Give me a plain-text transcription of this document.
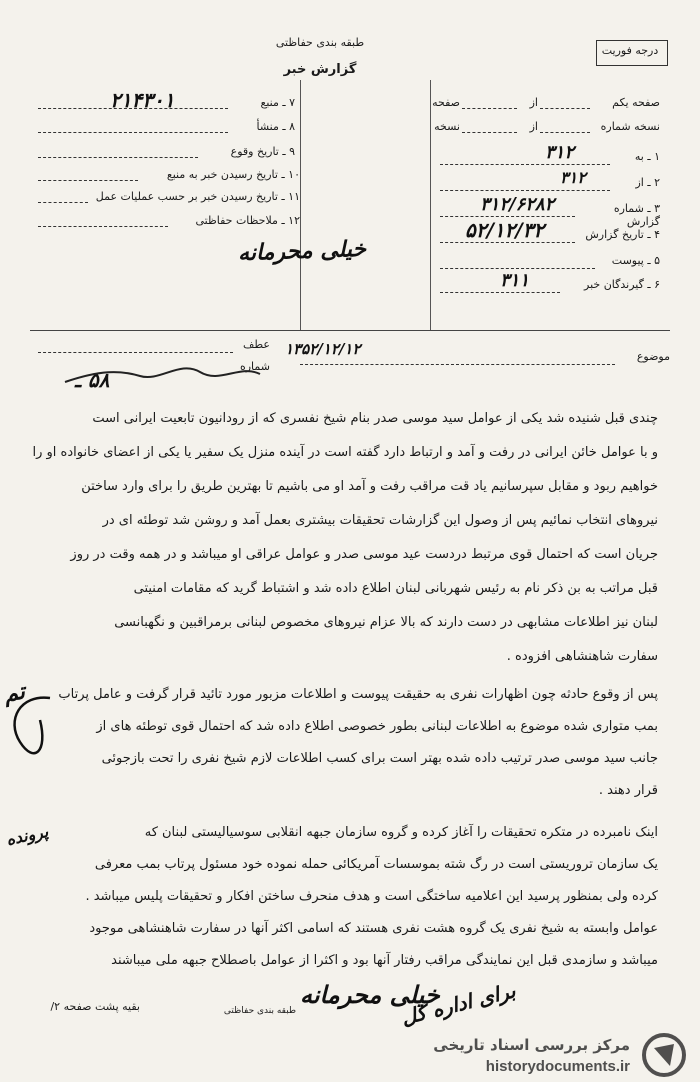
طبقه بندی حفاظتی
گزارش خبر
درجه فوریت
۷ ـ منبع
۲۱۴۳۰۱
۸ ـ منشأ
۹ ـ تاریخ وقوع
۱۰ ـ تاریخ رسیدن خبر به منبع
۱۱ ـ تاریخ رسیدن خبر بر حسب عملیات عمل
۱۲ ـ ملاحظات حفاظتی
صفحه یکم
از
صفحه
نسخه شماره
از
نسخه
۱ ـ به
۳۱۲
۲ ـ از
۳۱۲
۳ ـ شماره گزارش
۳۱۲/۶۲۸۲
۴ ـ تاریخ گزارش
۵۲/۱۲/۳۲
۵ ـ پیوست
۶ ـ گیرندگان خبر
۳۱۱
خیلی محرمانه
عطف
شماره
موضوع
۱۳۵۲/۱۲/۱۲
۵۸ ـ
چندی قبل شنیده شد یکی از عوامل سید موسی صدر بنام شیخ نفسری که از رودانیون تابعیت ایرانی است
و با عوامل خائن ایرانی در رفت و آمد و ارتباط دارد گفته است در آینده منزل یک سفیر یا یکی از اعضای خانواده او را
خواهیم ربود و مقابل سپرسانیم یاد قت مراقب رفت و آمد او می باشیم تا بهترین طریق را برای وارد ساختن
نیروهای انتخاب نمائیم پس از وصول این گزارشات تحقیقات بیشتری بعمل آمد و روشن شد توطئه ای در
جریان است که احتمال قوی مرتبط دردست عید موسی صدر و عوامل عراقی او میباشد و در همه وقت در روز
قبل مراتب به بن ذکر نام به رئیس شهربانی لبنان اطلاع داده شد و اشتباط گرید که مقامات امنیتی
لبنان نیز اطلاعات مشابهی در دست دارند که بالا عزام نیروهای مخصوص لبنانی برمراقبین و نگهبانسی
سفارت شاهنشاهی افزوده .
پس از وقوع حادثه چون اظهارات نفری به حقیقت پیوست و اطلاعات مزبور مورد تائید قرار گرفت و عامل پرتاب
بمب متواری شده موضوع به اطلاعات لبنانی بطور خصوصی اطلاع داده شد که احتمال قوی توطئه های از
جانب سید موسی صدر ترتیب داده شده بهتر است برای کسب اطلاعات لازم شیخ نفری را تحت بازجوئی
قرار دهند .
اینک نامبرده در متکره تحقیقات را آغاز کرده و گروه سازمان جبهه انقلابی سوسیالیستی لبنان که
یک سازمان تروریستی است در رگ شته بموسسات آمریکائی حمله نموده خود مسئول پرتاب بمب معرفی
کرده ولی بمنظور پرسید این اعلامیه ساختگی است و هدف منحرف ساختن افکار و تحقیقات پلیس میباشد .
عوامل وابسته به شیخ نفری یک گروه هشت نفری هستند که اسامی اکثر آنها در سفارت شاهنشاهی موجود
میباشد و سازمدی قبل این نمایندگی مراقب رفتار آنها بود و اکثرا از عوامل باصطلاح جبهه ملی میباشند
تم
پرونده
بقیه پشت صفحه ۲/	طبقه بندی حفاظتی
خیلی محرمانه
برای اداره کل
مرکز بررسی اسناد تاریخی
historydocuments.ir
